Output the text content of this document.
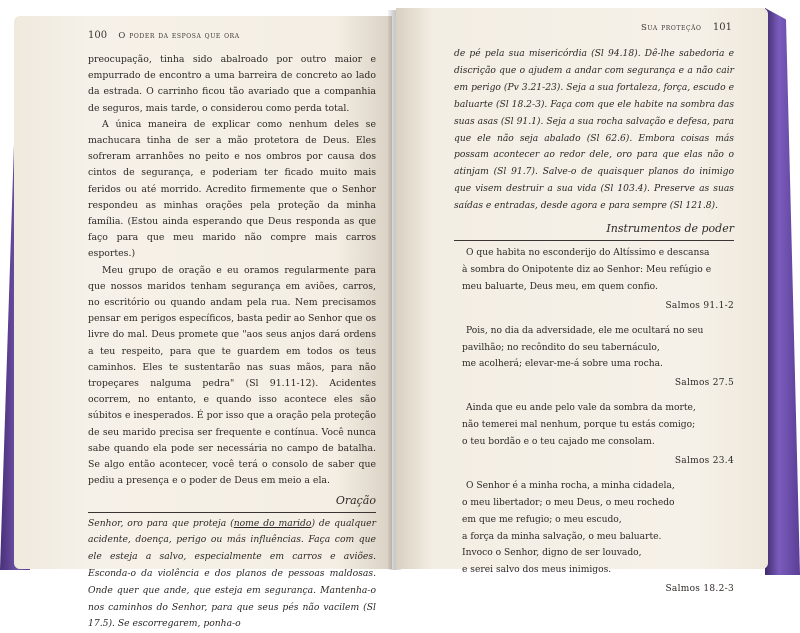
100 O poder da esposa que ora

preocupação, tinha sido abalroado por outro maior e empurrado de encontro a uma barreira de concreto ao lado da estrada. O carrinho ficou tão avariado que a companhia de seguros, mais tarde, o considerou como perda total.

A única maneira de explicar como nenhum deles se machucara tinha de ser a mão protetora de Deus. Eles sofreram arranhões no peito e nos ombros por causa dos cintos de segurança, e poderiam ter ficado muito mais feridos ou até morrido. Acredito firmemente que o Senhor respondeu as minhas orações pela proteção da minha família. (Estou ainda esperando que Deus responda as que faço para que meu marido não compre mais carros esportes.)

Meu grupo de oração e eu oramos regularmente para que nossos maridos tenham segurança em aviões, carros, no escritório ou quando andam pela rua. Nem precisamos pensar em perigos específicos, basta pedir ao Senhor que os livre do mal. Deus promete que "aos seus anjos dará ordens a teu respeito, para que te guardem em todos os teus caminhos. Eles te sustentarão nas suas mãos, para não tropeçares nalguma pedra" (Sl 91.11-12). Acidentes ocorrem, no entanto, e quando isso acontece eles são súbitos e inesperados. É por isso que a oração pela proteção de seu marido precisa ser frequente e contínua. Você nunca sabe quando ela pode ser necessária no campo de batalha. Se algo então acontecer, você terá o consolo de saber que pediu a presença e o poder de Deus em meio a ela.

Oração
Senhor, oro para que proteja (nome do marido) de qualquer acidente, doença, perigo ou más influências. Faça com que ele esteja a salvo, especialmente em carros e aviões. Esconda-o da violência e dos planos de pessoas maldosas. Onde quer que ande, que esteja em segurança. Mantenha-o nos caminhos do Senhor, para que seus pés não vacilem (Sl 17.5). Se escorregarem, ponha-o
Sua proteção 101
de pé pela sua misericórdia (Sl 94.18). Dê-lhe sabedoria e discrição que o ajudem a andar com segurança e a não cair em perigo (Pv 3.21-23). Seja a sua fortaleza, força, escudo e baluarte (Sl 18.2-3). Faça com que ele habite na sombra das suas asas (Sl 91.1). Seja a sua rocha salvação e defesa, para que ele não seja abalado (Sl 62.6). Embora coisas más possam acontecer ao redor dele, oro para que elas não o atinjam (Sl 91.7). Salve-o de quaisquer planos do inimigo que visem destruir a sua vida (Sl 103.4). Preserve as suas saídas e entradas, desde agora e para sempre (Sl 121.8).
Instrumentos de poder
O que habita no esconderijo do Altíssimo e descansa
à sombra do Onipotente diz ao Senhor: Meu refúgio e
meu baluarte, Deus meu, em quem confio.
Salmos 91.1-2
Pois, no dia da adversidade, ele me ocultará no seu
pavilhão; no recôndito do seu tabernáculo,
me acolherá; elevar-me-á sobre uma rocha.
Salmos 27.5
Ainda que eu ande pelo vale da sombra da morte,
não temerei mal nenhum, porque tu estás comigo;
o teu bordão e o teu cajado me consolam.
Salmos 23.4
O Senhor é a minha rocha, a minha cidadela,
o meu libertador; o meu Deus, o meu rochedo
em que me refugio; o meu escudo,
a força da minha salvação, o meu baluarte.
Invoco o Senhor, digno de ser louvado,
e serei salvo dos meus inimigos.
Salmos 18.2-3
